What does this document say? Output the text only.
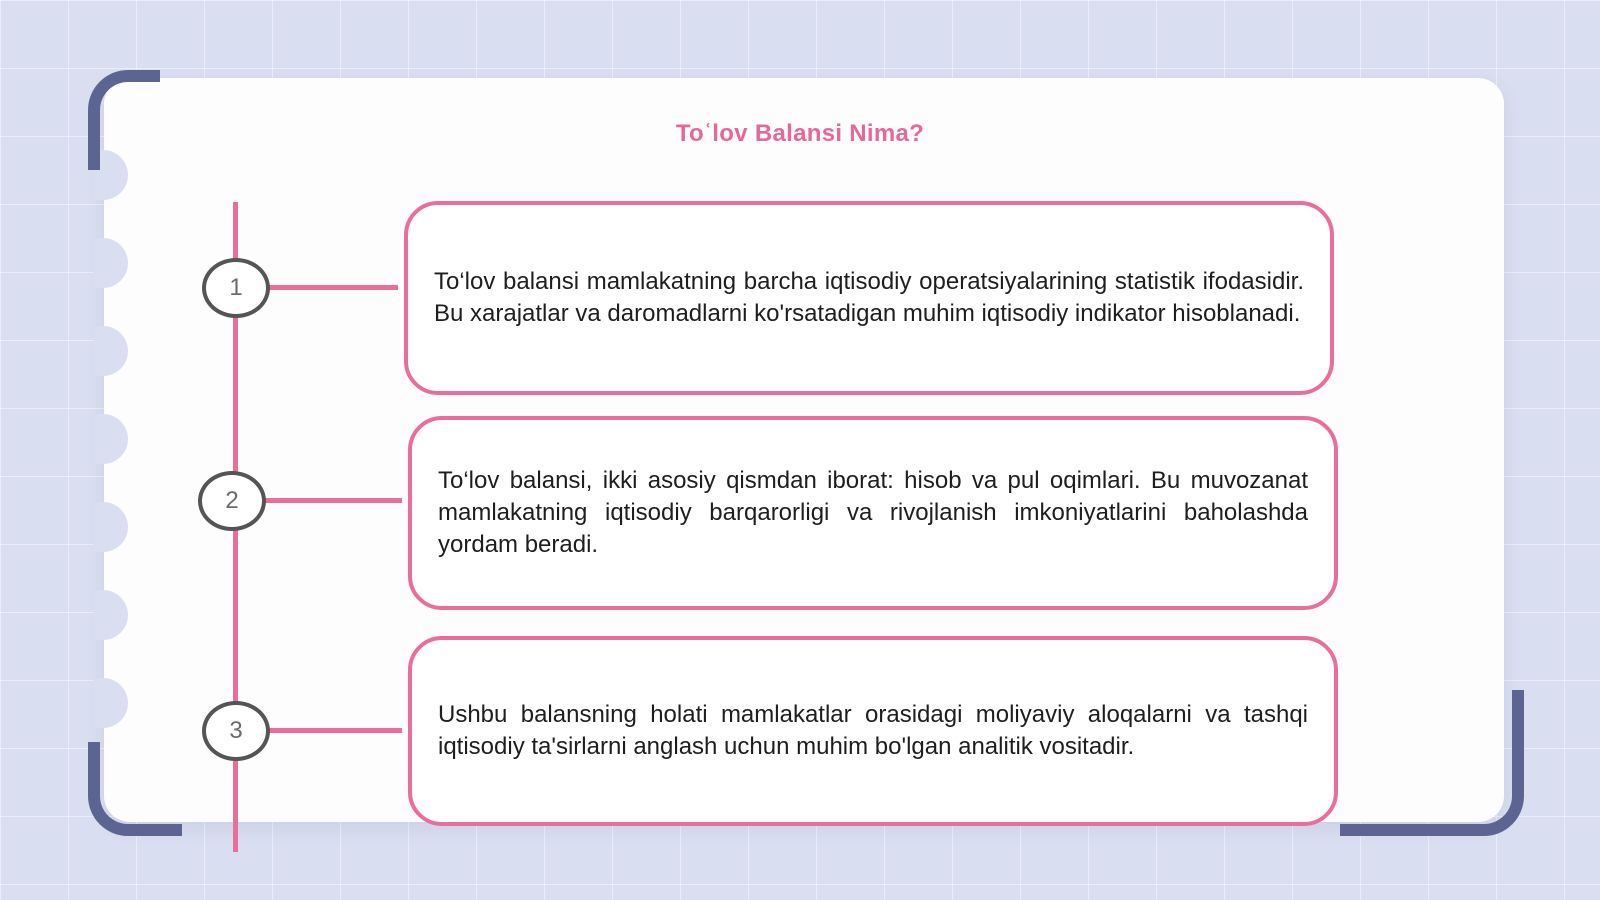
Toʿlov Balansi Nima?
1	To‘lov balansi mamlakatning barcha iqtisodiy operatsiyalarining statistik ifodasidir. Bu xarajatlar va daromadlarni ko'rsatadigan muhim iqtisodiy indikator hisoblanadi.
2
To‘lov balansi, ikki asosiy qismdan iborat: hisob va pul oqimlari. Bu muvozanat mamlakatning iqtisodiy barqarorligi va rivojlanish imkoniyatlarini baholashda yordam beradi.
3
Ushbu balansning holati mamlakatlar orasidagi moliyaviy aloqalarni va tashqi iqtisodiy ta'sirlarni anglash uchun muhim bo'lgan analitik vositadir.
